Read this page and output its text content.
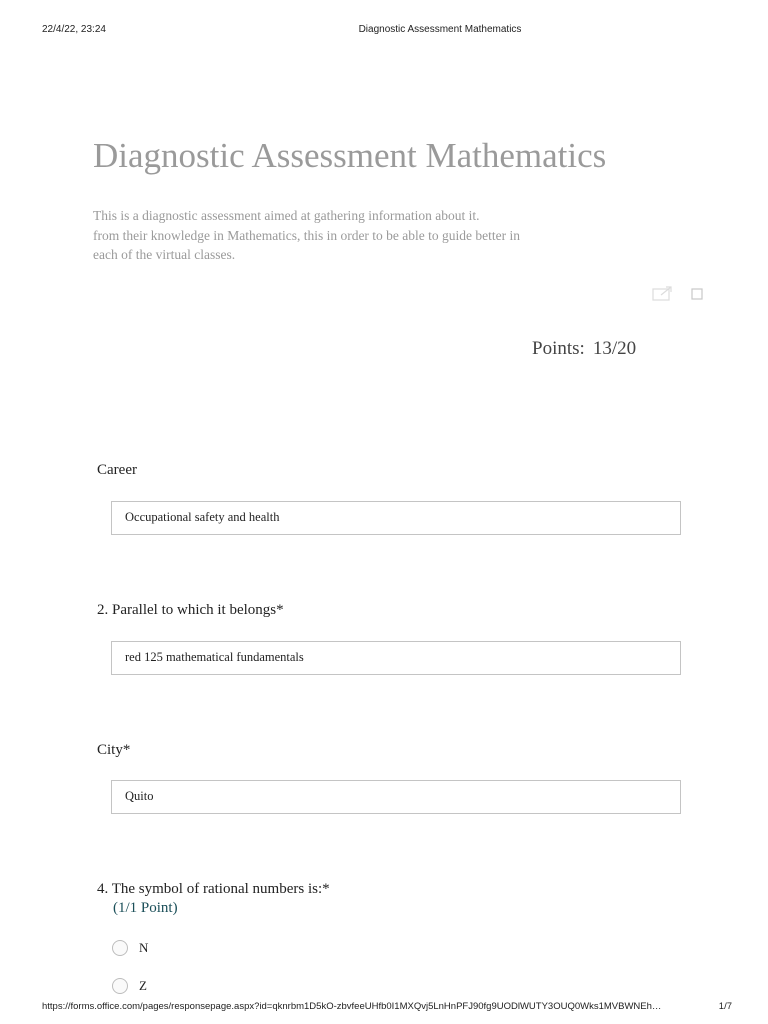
22/4/22, 23:24	Diagnostic Assessment Mathematics
Diagnostic Assessment Mathematics
This is a diagnostic assessment aimed at gathering information about it.
from their knowledge in Mathematics, this in order to be able to guide better in
each of the virtual classes.
Points: 13/20
Career
Occupational safety and health
2. Parallel to which it belongs*
red 125 mathematical fundamentals
City*
Quito
4. The symbol of rational numbers is:*
(1/1 Point)
N
Z
https://forms.office.com/pages/responsepage.aspx?id=qknrbm1D5kO-zbvfeeUHfb0I1MXQvj5LnHnPFJ90fg9UODlWUTY3OUQ0Wks1MVBWNEh…	1/7
